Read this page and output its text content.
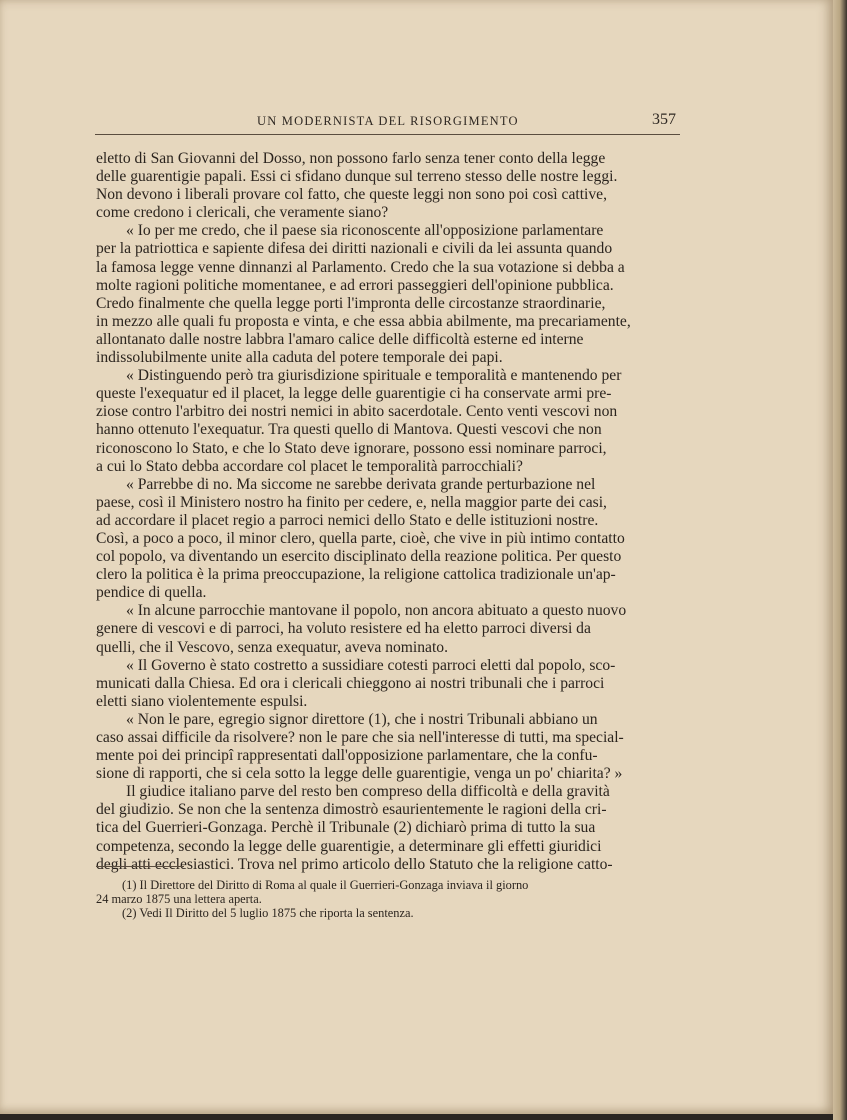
UN MODERNISTA DEL RISORGIMENTO	357

eletto di San Giovanni del Dosso, non possono farlo senza tener conto della legge

delle guarentigie papali. Essi ci sfidano dunque sul terreno stesso delle nostre leggi.

Non devono i liberali provare col fatto, che queste leggi non sono poi così cattive,

come credono i clericali, che veramente siano?

« Io per me credo, che il paese sia riconoscente all'opposizione parlamentare

per la patriottica e sapiente difesa dei diritti nazionali e civili da lei assunta quando

la famosa legge venne dinnanzi al Parlamento. Credo che la sua votazione si debba a

molte ragioni politiche momentanee, e ad errori passeggieri dell'opinione pubblica.

Credo finalmente che quella legge porti l'impronta delle circostanze straordinarie,

in mezzo alle quali fu proposta e vinta, e che essa abbia abilmente, ma precariamente,

allontanato dalle nostre labbra l'amaro calice delle difficoltà esterne ed interne

indissolubilmente unite alla caduta del potere temporale dei papi.

« Distinguendo però tra giurisdizione spirituale e temporalità e mantenendo per

queste l'exequatur ed il placet, la legge delle guarentigie ci ha conservate armi pre-

ziose contro l'arbitro dei nostri nemici in abito sacerdotale. Cento venti vescovi non

hanno ottenuto l'exequatur. Tra questi quello di Mantova. Questi vescovi che non

riconoscono lo Stato, e che lo Stato deve ignorare, possono essi nominare parroci,

a cui lo Stato debba accordare col placet le temporalità parrocchiali?

« Parrebbe di no. Ma siccome ne sarebbe derivata grande perturbazione nel

paese, così il Ministero nostro ha finito per cedere, e, nella maggior parte dei casi,

ad accordare il placet regio a parroci nemici dello Stato e delle istituzioni nostre.

Così, a poco a poco, il minor clero, quella parte, cioè, che vive in più intimo contatto

col popolo, va diventando un esercito disciplinato della reazione politica. Per questo

clero la politica è la prima preoccupazione, la religione cattolica tradizionale un'ap-

pendice di quella.

« In alcune parrocchie mantovane il popolo, non ancora abituato a questo nuovo

genere di vescovi e di parroci, ha voluto resistere ed ha eletto parroci diversi da

quelli, che il Vescovo, senza exequatur, aveva nominato.

« Il Governo è stato costretto a sussidiare cotesti parroci eletti dal popolo, sco-

municati dalla Chiesa. Ed ora i clericali chieggono ai nostri tribunali che i parroci

eletti siano violentemente espulsi.

« Non le pare, egregio signor direttore (1), che i nostri Tribunali abbiano un

caso assai difficile da risolvere? non le pare che sia nell'interesse di tutti, ma special-

mente poi dei principî rappresentati dall'opposizione parlamentare, che la confu-

sione di rapporti, che si cela sotto la legge delle guarentigie, venga un po' chiarita? »

Il giudice italiano parve del resto ben compreso della difficoltà e della gravità

del giudizio. Se non che la sentenza dimostrò esaurientemente le ragioni della cri-

tica del Guerrieri-Gonzaga. Perchè il Tribunale (2) dichiarò prima di tutto la sua

competenza, secondo la legge delle guarentigie, a determinare gli effetti giuridici

degli atti ecclesiastici. Trova nel primo articolo dello Statuto che la religione catto-

(1) Il Direttore del Diritto di Roma al quale il Guerrieri-Gonzaga inviava il giorno

24 marzo 1875 una lettera aperta.

(2) Vedi Il Diritto del 5 luglio 1875 che riporta la sentenza.
